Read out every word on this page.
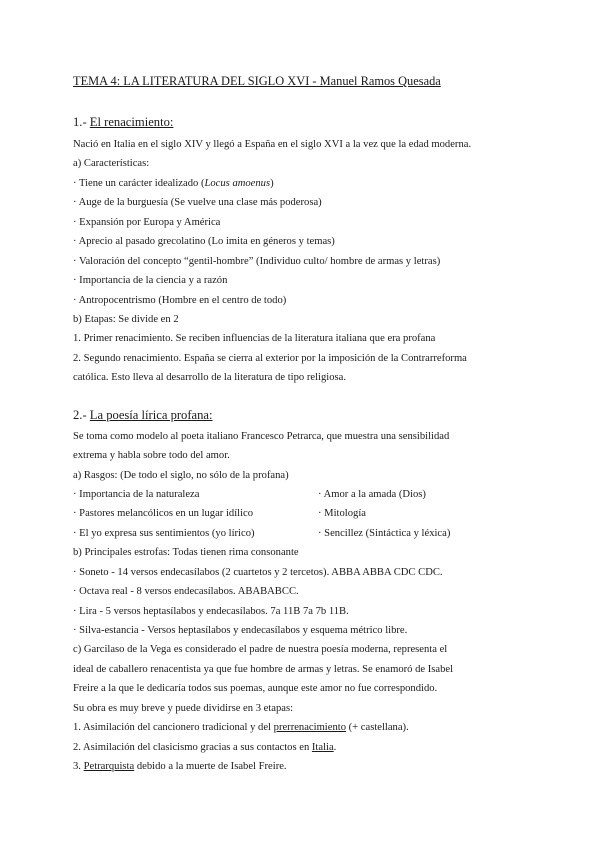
TEMA 4: LA LITERATURA DEL SIGLO XVI - Manuel Ramos Quesada
1.- El renacimiento:
Nació en Italia en el siglo XIV y llegó a España en el siglo XVI a la vez que la edad moderna.
a) Características:
· Tiene un carácter idealizado (Locus amoenus)
· Auge de la burguesía (Se vuelve una clase más poderosa)
· Expansión por Europa y América
· Aprecio al pasado grecolatino (Lo imita en géneros y temas)
· Valoración del concepto “gentil-hombre” (Individuo culto/ hombre de armas y letras)
· Importancia de la ciencia y a razón
· Antropocentrismo (Hombre en el centro de todo)
b) Etapas: Se divide en 2
1. Primer renacimiento. Se reciben influencias de la literatura italiana que era profana
2. Segundo renacimiento. España se cierra al exterior por la imposición de la Contrarreforma
católica. Esto lleva al desarrollo de la literatura de tipo religiosa.
2.- La poesía lírica profana:
Se toma como modelo al poeta italiano Francesco Petrarca, que muestra una sensibilidad
extrema y habla sobre todo del amor.
a) Rasgos: (De todo el siglo, no sólo de la profana)
· Importancia de la naturaleza	· Amor a la amada (Dios)
· Pastores melancólicos en un lugar idílico	· Mitología
· El yo expresa sus sentimientos (yo lírico)	· Sencillez (Sintáctica y léxica)
b) Principales estrofas: Todas tienen rima consonante
· Soneto - 14 versos endecasílabos (2 cuartetos y 2 tercetos). ABBA ABBA CDC CDC.
· Octava real - 8 versos endecasílabos. ABABABCC.
· Lira - 5 versos heptasílabos y endecasílabos. 7a 11B 7a 7b 11B.
· Silva-estancia - Versos heptasílabos y endecasílabos y esquema métrico libre.
c) Garcilaso de la Vega es considerado el padre de nuestra poesía moderna, representa el
ideal de caballero renacentista ya que fue hombre de armas y letras. Se enamoró de Isabel
Freire a la que le dedicaría todos sus poemas, aunque este amor no fue correspondido.
Su obra es muy breve y puede dividirse en 3 etapas:
1. Asimilación del cancionero tradicional y del prerrenacimiento (+ castellana).
2. Asimilación del clasicismo gracias a sus contactos en Italia.
3. Petrarquista debido a la muerte de Isabel Freire.
